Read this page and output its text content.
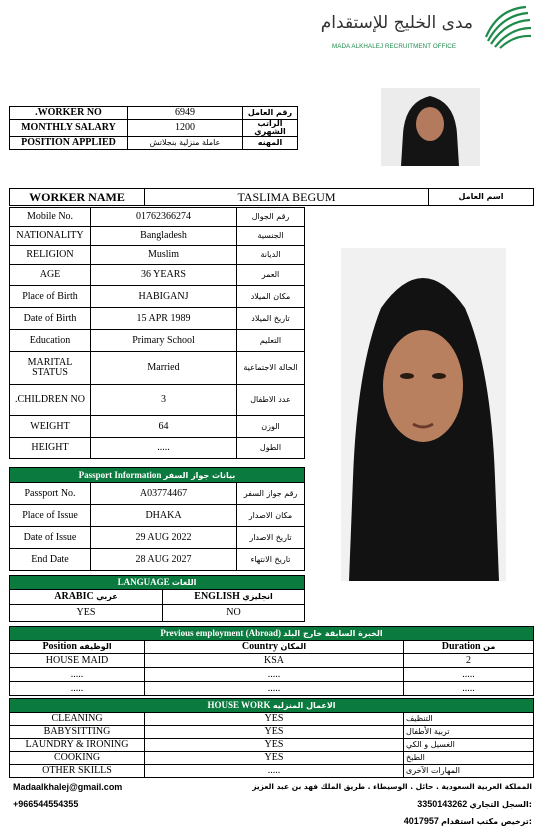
مدى الخليج للإستقدام
MADA ALKHALEJ RECRUITMENT OFFICE
.WORKER NO	6949	رقم العامل
MONTHLY SALARY	1200	الراتب الشهري
POSITION APPLIED	عاملة منزلية بنجلاتش	المهنه
WORKER NAME	TASLIMA BEGUM	اسم العامل
Mobile No.	01762366274	رقم الجوال
NATIONALITY	Bangladesh	الجنسية
RELIGION	Muslim	الديانة
AGE	36 YEARS	العمر
Place of Birth	HABIGANJ	مكان الميلاد
Date of Birth	15 APR 1989	تاريخ الميلاد
Education	Primary School	التعليم
MARITAL STATUS	Married	الحالة الاجتماعية
.CHILDREN NO	3	عدد الاطفال
WEIGHT	64	الوزن
HEIGHT	.....	الطول
Passport Information بيانات جواز السفر		
Passport No.	A03774467	رقم جواز السفر
Place of Issue	DHAKA	مكان الاصدار
Date of Issue	29 AUG 2022	تاريخ الاصدار
End Date	28 AUG 2027	تاريخ الانتهاء
LANGUAGE اللغات	
ARABIC عربي	ENGLISH انجليزي
YES	NO
Previous employment (Abroad) الخبرة السابقة خارج البلد		
Position الوظيفه	Country المكان	Duration من
HOUSE MAID	KSA	2
.....	.....	.....
.....	.....	.....
HOUSE WORK الاعمال المنزليه		
CLEANING	YES	التنظيف
BABYSITTING	YES	تربية الأطفال
LAUNDRY & IRONING	YES	الغسيل و الكي
COOKING	YES	الطبخ
OTHER SKILLS	.....	المهارات الآخرى
Madaalkhalej@gmail.com
+966544554355
المملكة العربية السعودية . حائل . الوسيطاء . طريق الملك فهد بن عبد العزيز
3350143262 السجل التجاري:
4017957 ترخيص مكتب استقدام:
